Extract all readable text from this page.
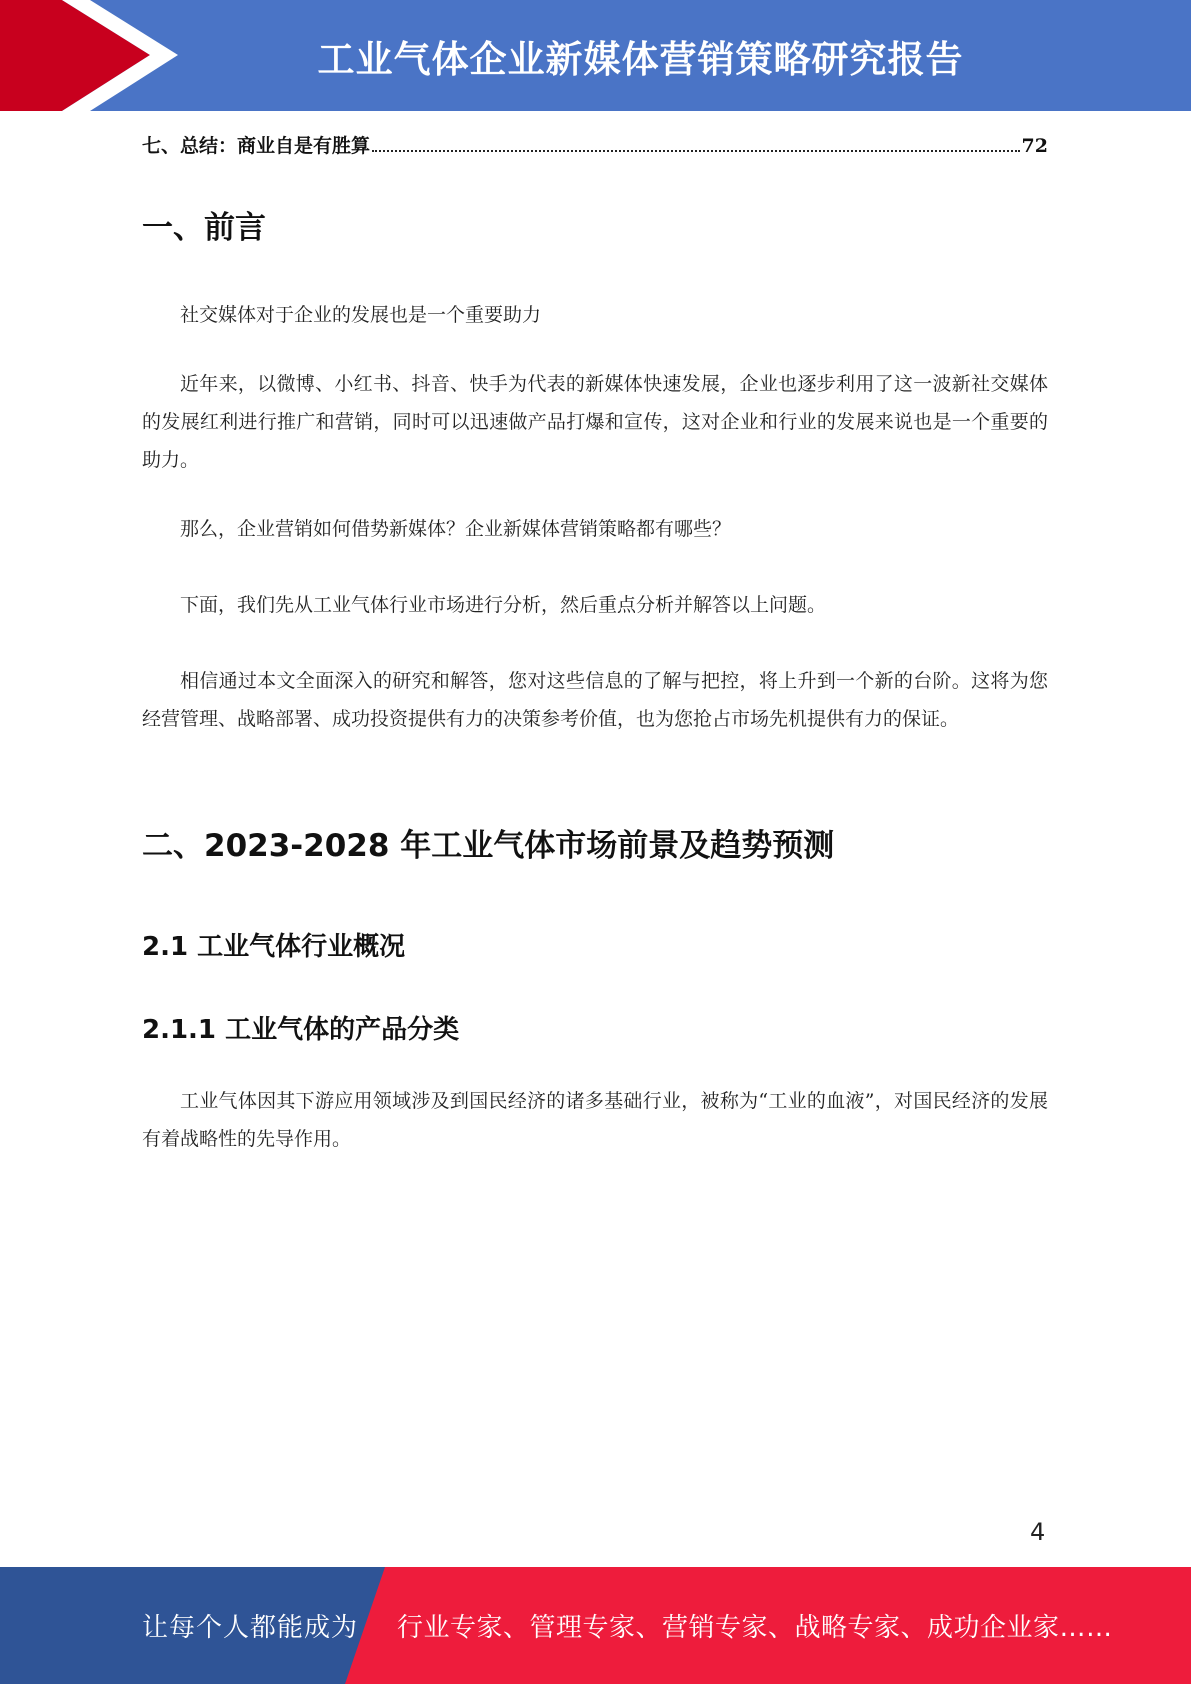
工业气体企业新媒体营销策略研究报告
七、总结：商业自是有胜算	72
一、前言

社交媒体对于企业的发展也是一个重要助力

近年来，以微博、小红书、抖音、快手为代表的新媒体快速发展，企业也逐步利用了这一波新社交媒体的发展红利进行推广和营销，同时可以迅速做产品打爆和宣传，这对企业和行业的发展来说也是一个重要的助力。

那么，企业营销如何借势新媒体？企业新媒体营销策略都有哪些？

下面，我们先从工业气体行业市场进行分析，然后重点分析并解答以上问题。

相信通过本文全面深入的研究和解答，您对这些信息的了解与把控，将上升到一个新的台阶。这将为您经营管理、战略部署、成功投资提供有力的决策参考价值，也为您抢占市场先机提供有力的保证。

二、2023-2028 年工业气体市场前景及趋势预测
2.1 工业气体行业概况
2.1.1 工业气体的产品分类

工业气体因其下游应用领域涉及到国民经济的诸多基础行业，被称为“工业的血液”，对国民经济的发展有着战略性的先导作用。

4
让每个人都能成为 行业专家、管理专家、营销专家、战略专家、成功企业家……
